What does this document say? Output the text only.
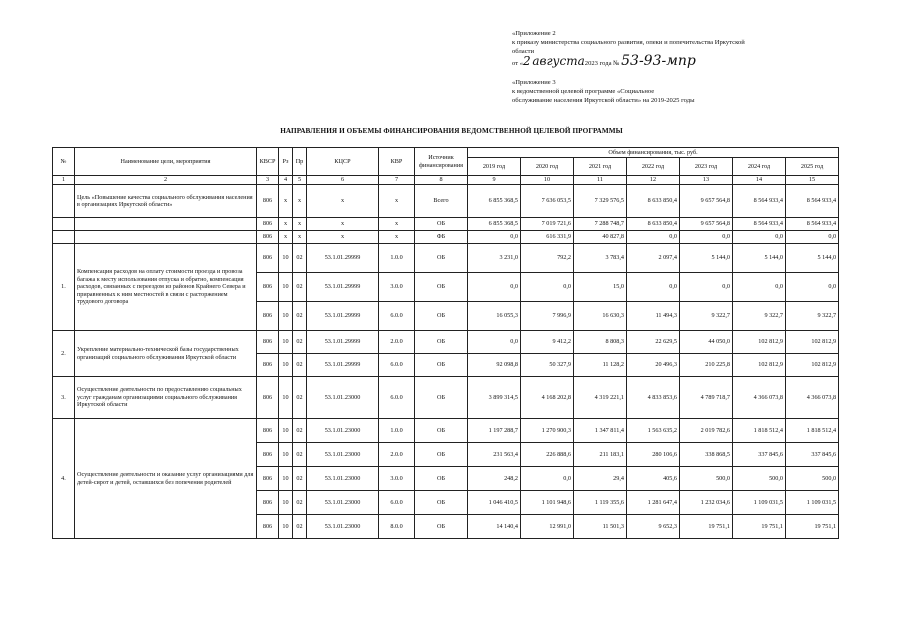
«Приложение 2
к приказу министерства социального развития, опеки и попечительства Иркутской
области
от «2 августа2023 года № 53-93-мпр
«Приложение 3
к ведомственной целевой программе «Социальное
обслуживание населения Иркутской области» на 2019-2025 годы
НАПРАВЛЕНИЯ И ОБЪЕМЫ ФИНАНСИРОВАНИЯ ВЕДОМСТВЕННОЙ ЦЕЛЕВОЙ ПРОГРАММЫ
№	Наименование цели, мероприятия	КВСР	Рз	Пр	КЦСР	КВР	Источник финансирования	Объем финансирования, тыс. руб.						
								2019 год	2020 год	2021 год	2022 год	2023 год	2024 год	2025 год
1	2	3	4	5	6	7	8	9	10	11	12	13	14	15
	Цель «Повышение качества социального обслуживания населения в организациях Иркутской области»	806	х	х	х	х	Всего	6 855 368,5	7 636 053,5	7 329 576,5	8 633 850,4	9 657 564,8	8 564 933,4	8 564 933,4
		806	х	х	х	х	ОБ	6 855 368,5	7 019 721,6	7 288 748,7	8 633 850,4	9 657 564,8	8 564 933,4	8 564 933,4
		806	х	х	х	х	ФБ	0,0	616 331,9	40 827,8	0,0	0,0	0,0	0,0
1.	Компенсация расходов на оплату стоимости проезда и провоза багажа к месту использования отпуска и обратно, компенсация расходов, связанных с переездом из районов Крайнего Севера и приравненных к ним местностей в связи с расторжением трудового договора	806	10	02	53.1.01.29999	1.0.0	ОБ	3 231,0	792,2	3 783,4	2 097,4	5 144,0	5 144,0	5 144,0
		806	10	02	53.1.01.29999	3.0.0	ОБ	0,0	0,0	15,0	0,0	0,0	0,0	0,0
		806	10	02	53.1.01.29999	6.0.0	ОБ	16 055,3	7 996,9	16 630,3	11 494,3	9 322,7	9 322,7	9 322,7
2.	Укрепление материально-технической базы государственных организаций социального обслуживания Иркутской области	806	10	02	53.1.01.29999	2.0.0	ОБ	0,0	9 412,2	8 808,3	22 629,5	44 050,0	102 812,9	102 812,9
		806	10	02	53.1.01.29999	6.0.0	ОБ	92 098,8	50 327,9	11 128,2	20 496,3	210 225,8	102 812,9	102 812,9
3.	Осуществление деятельности по предоставлению социальных услуг гражданам организациями социального обслуживания Иркутской области	806	10	02	53.1.01.23000	6.0.0	ОБ	3 899 314,5	4 168 202,8	4 319 221,1	4 833 853,6	4 789 718,7	4 366 073,8	4 366 073,8
4.	Осуществление деятельности и оказание услуг организациями для детей-сирот и детей, оставшихся без попечения родителей	806	10	02	53.1.01.23000	1.0.0	ОБ	1 197 288,7	1 270 900,3	1 347 811,4	1 563 635,2	2 019 782,6	1 818 512,4	1 818 512,4
		806	10	02	53.1.01.23000	2.0.0	ОБ	231 563,4	226 888,6	211 183,1	280 106,6	338 868,5	337 845,6	337 845,6
		806	10	02	53.1.01.23000	3.0.0	ОБ	248,2	0,0	29,4	405,6	500,0	500,0	500,0
		806	10	02	53.1.01.23000	6.0.0	ОБ	1 046 410,5	1 101 948,6	1 119 355,6	1 281 647,4	1 232 034,6	1 109 031,5	1 109 031,5
		806	10	02	53.1.01.23000	8.0.0	ОБ	14 140,4	12 991,0	11 501,3	9 652,3	19 751,1	19 751,1	19 751,1
